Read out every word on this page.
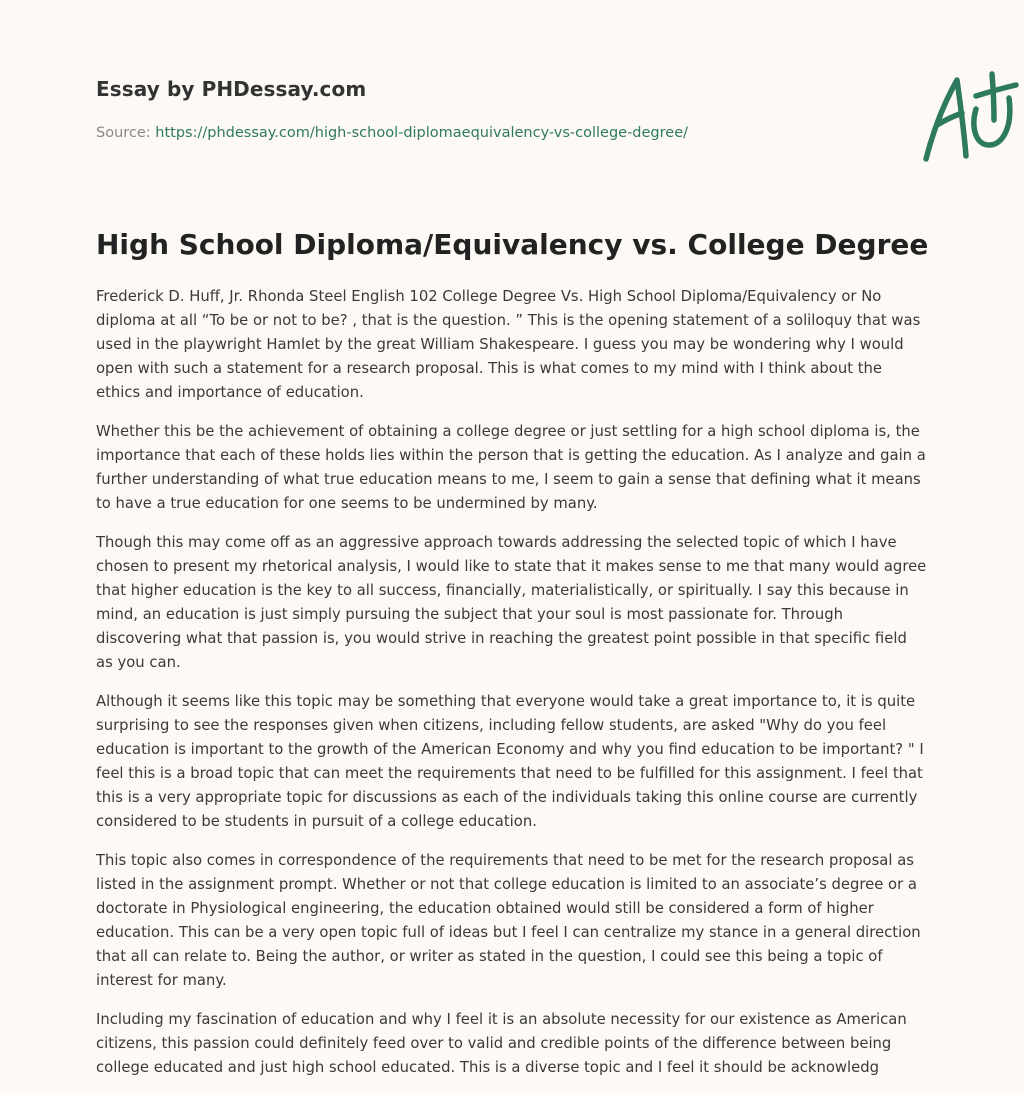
Essay by PHDessay.com
Source: https://phdessay.com/high-school-diplomaequivalency-vs-college-degree/
High School Diploma/Equivalency vs. College Degree

Frederick D. Huff, Jr. Rhonda Steel English 102 College Degree Vs. High School Diploma/Equivalency or No diploma at all “To be or not to be? , that is the question. ” This is the opening statement of a soliloquy that was used in the playwright Hamlet by the great William Shakespeare. I guess you may be wondering why I would open with such a statement for a research proposal. This is what comes to my mind with I think about the ethics and importance of education.

Whether this be the achievement of obtaining a college degree or just settling for a high school diploma is, the importance that each of these holds lies within the person that is getting the education. As I analyze and gain a further understanding of what true education means to me, I seem to gain a sense that defining what it means to have a true education for one seems to be undermined by many.

Though this may come off as an aggressive approach towards addressing the selected topic of which I have chosen to present my rhetorical analysis, I would like to state that it makes sense to me that many would agree that higher education is the key to all success, financially, materialistically, or spiritually. I say this because in mind, an education is just simply pursuing the subject that your soul is most passionate for. Through discovering what that passion is, you would strive in reaching the greatest point possible in that specific field as you can.

Although it seems like this topic may be something that everyone would take a great importance to, it is quite surprising to see the responses given when citizens, including fellow students, are asked "Why do you feel education is important to the growth of the American Economy and why you find education to be important? " I feel this is a broad topic that can meet the requirements that need to be fulfilled for this assignment. I feel that this is a very appropriate topic for discussions as each of the individuals taking this online course are currently considered to be students in pursuit of a college education.

This topic also comes in correspondence of the requirements that need to be met for the research proposal as listed in the assignment prompt. Whether or not that college education is limited to an associate’s degree or a doctorate in Physiological engineering, the education obtained would still be considered a form of higher education. This can be a very open topic full of ideas but I feel I can centralize my stance in a general direction that all can relate to. Being the author, or writer as stated in the question, I could see this being a topic of interest for many.

Including my fascination of education and why I feel it is an absolute necessity for our existence as American citizens, this passion could definitely feed over to valid and credible points of the difference between being college educated and just high school educated. This is a diverse topic and I feel it should be acknowledg
